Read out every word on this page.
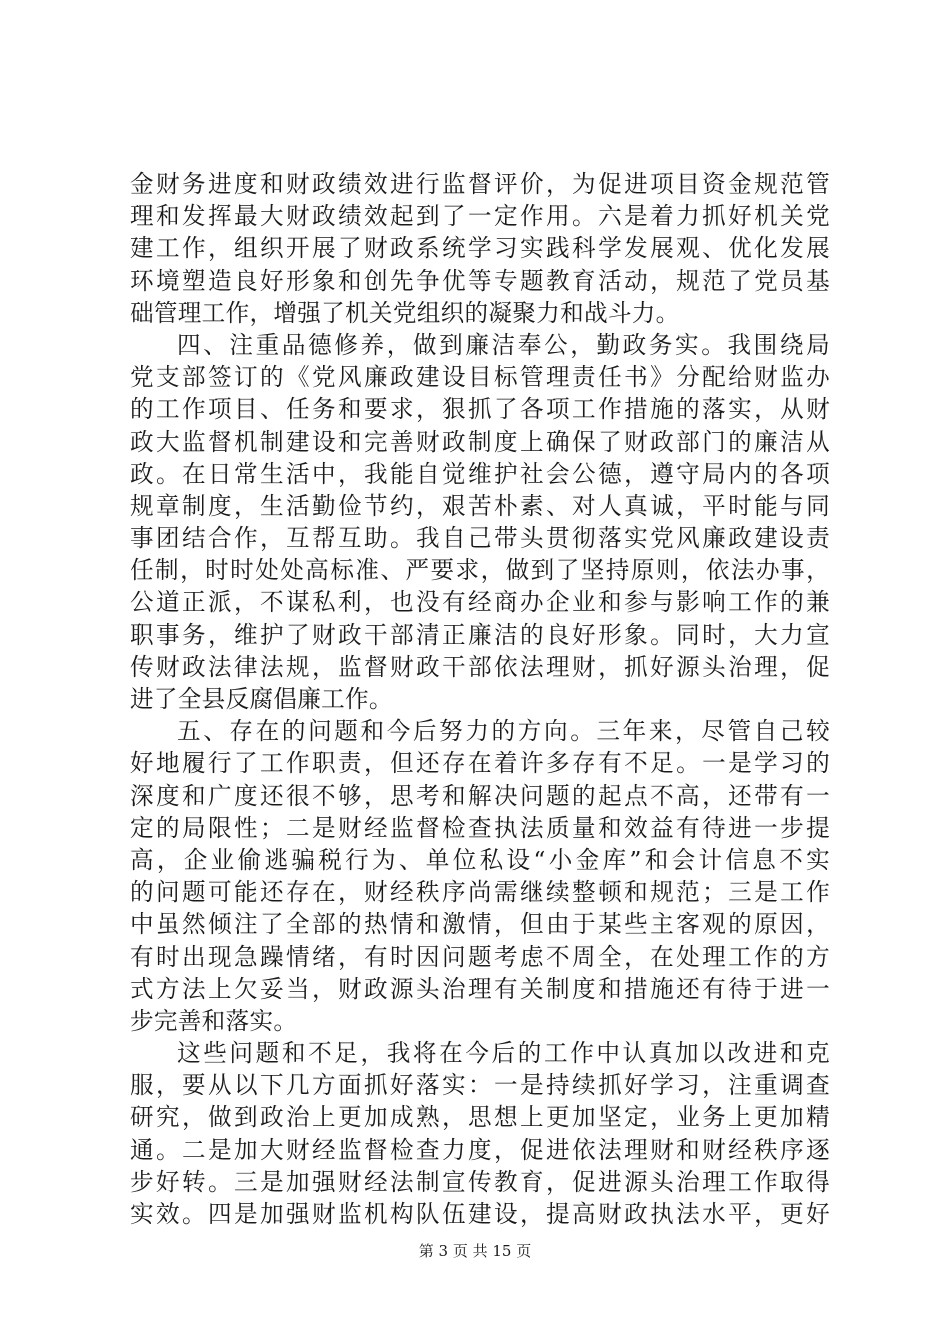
金财务进度和财政绩效进行监督评价，为促进项目资金规范管
理和发挥最大财政绩效起到了一定作用。六是着力抓好机关党
建工作，组织开展了财政系统学习实践科学发展观、优化发展
环境塑造良好形象和创先争优等专题教育活动，规范了党员基
础管理工作，增强了机关党组织的凝聚力和战斗力。
四、注重品德修养，做到廉洁奉公，勤政务实。我围绕局
党支部签订的《党风廉政建设目标管理责任书》分配给财监办
的工作项目、任务和要求，狠抓了各项工作措施的落实，从财
政大监督机制建设和完善财政制度上确保了财政部门的廉洁从
政。在日常生活中，我能自觉维护社会公德，遵守局内的各项
规章制度，生活勤俭节约，艰苦朴素、对人真诚，平时能与同
事团结合作，互帮互助。我自己带头贯彻落实党风廉政建设责
任制，时时处处高标准、严要求，做到了坚持原则，依法办事，
公道正派，不谋私利，也没有经商办企业和参与影响工作的兼
职事务，维护了财政干部清正廉洁的良好形象。同时，大力宣
传财政法律法规，监督财政干部依法理财，抓好源头治理，促
进了全县反腐倡廉工作。
五、存在的问题和今后努力的方向。三年来，尽管自己较
好地履行了工作职责，但还存在着许多存有不足。一是学习的
深度和广度还很不够，思考和解决问题的起点不高，还带有一
定的局限性；二是财经监督检查执法质量和效益有待进一步提
高，企业偷逃骗税行为、单位私设“小金库”和会计信息不实
的问题可能还存在，财经秩序尚需继续整顿和规范；三是工作
中虽然倾注了全部的热情和激情，但由于某些主客观的原因，
有时出现急躁情绪，有时因问题考虑不周全，在处理工作的方
式方法上欠妥当，财政源头治理有关制度和措施还有待于进一
步完善和落实。
这些问题和不足，我将在今后的工作中认真加以改进和克
服，要从以下几方面抓好落实：一是持续抓好学习，注重调查
研究，做到政治上更加成熟，思想上更加坚定，业务上更加精
通。二是加大财经监督检查力度，促进依法理财和财经秩序逐
步好转。三是加强财经法制宣传教育，促进源头治理工作取得
实效。四是加强财监机构队伍建设，提高财政执法水平，更好
第 3 页 共 15 页
